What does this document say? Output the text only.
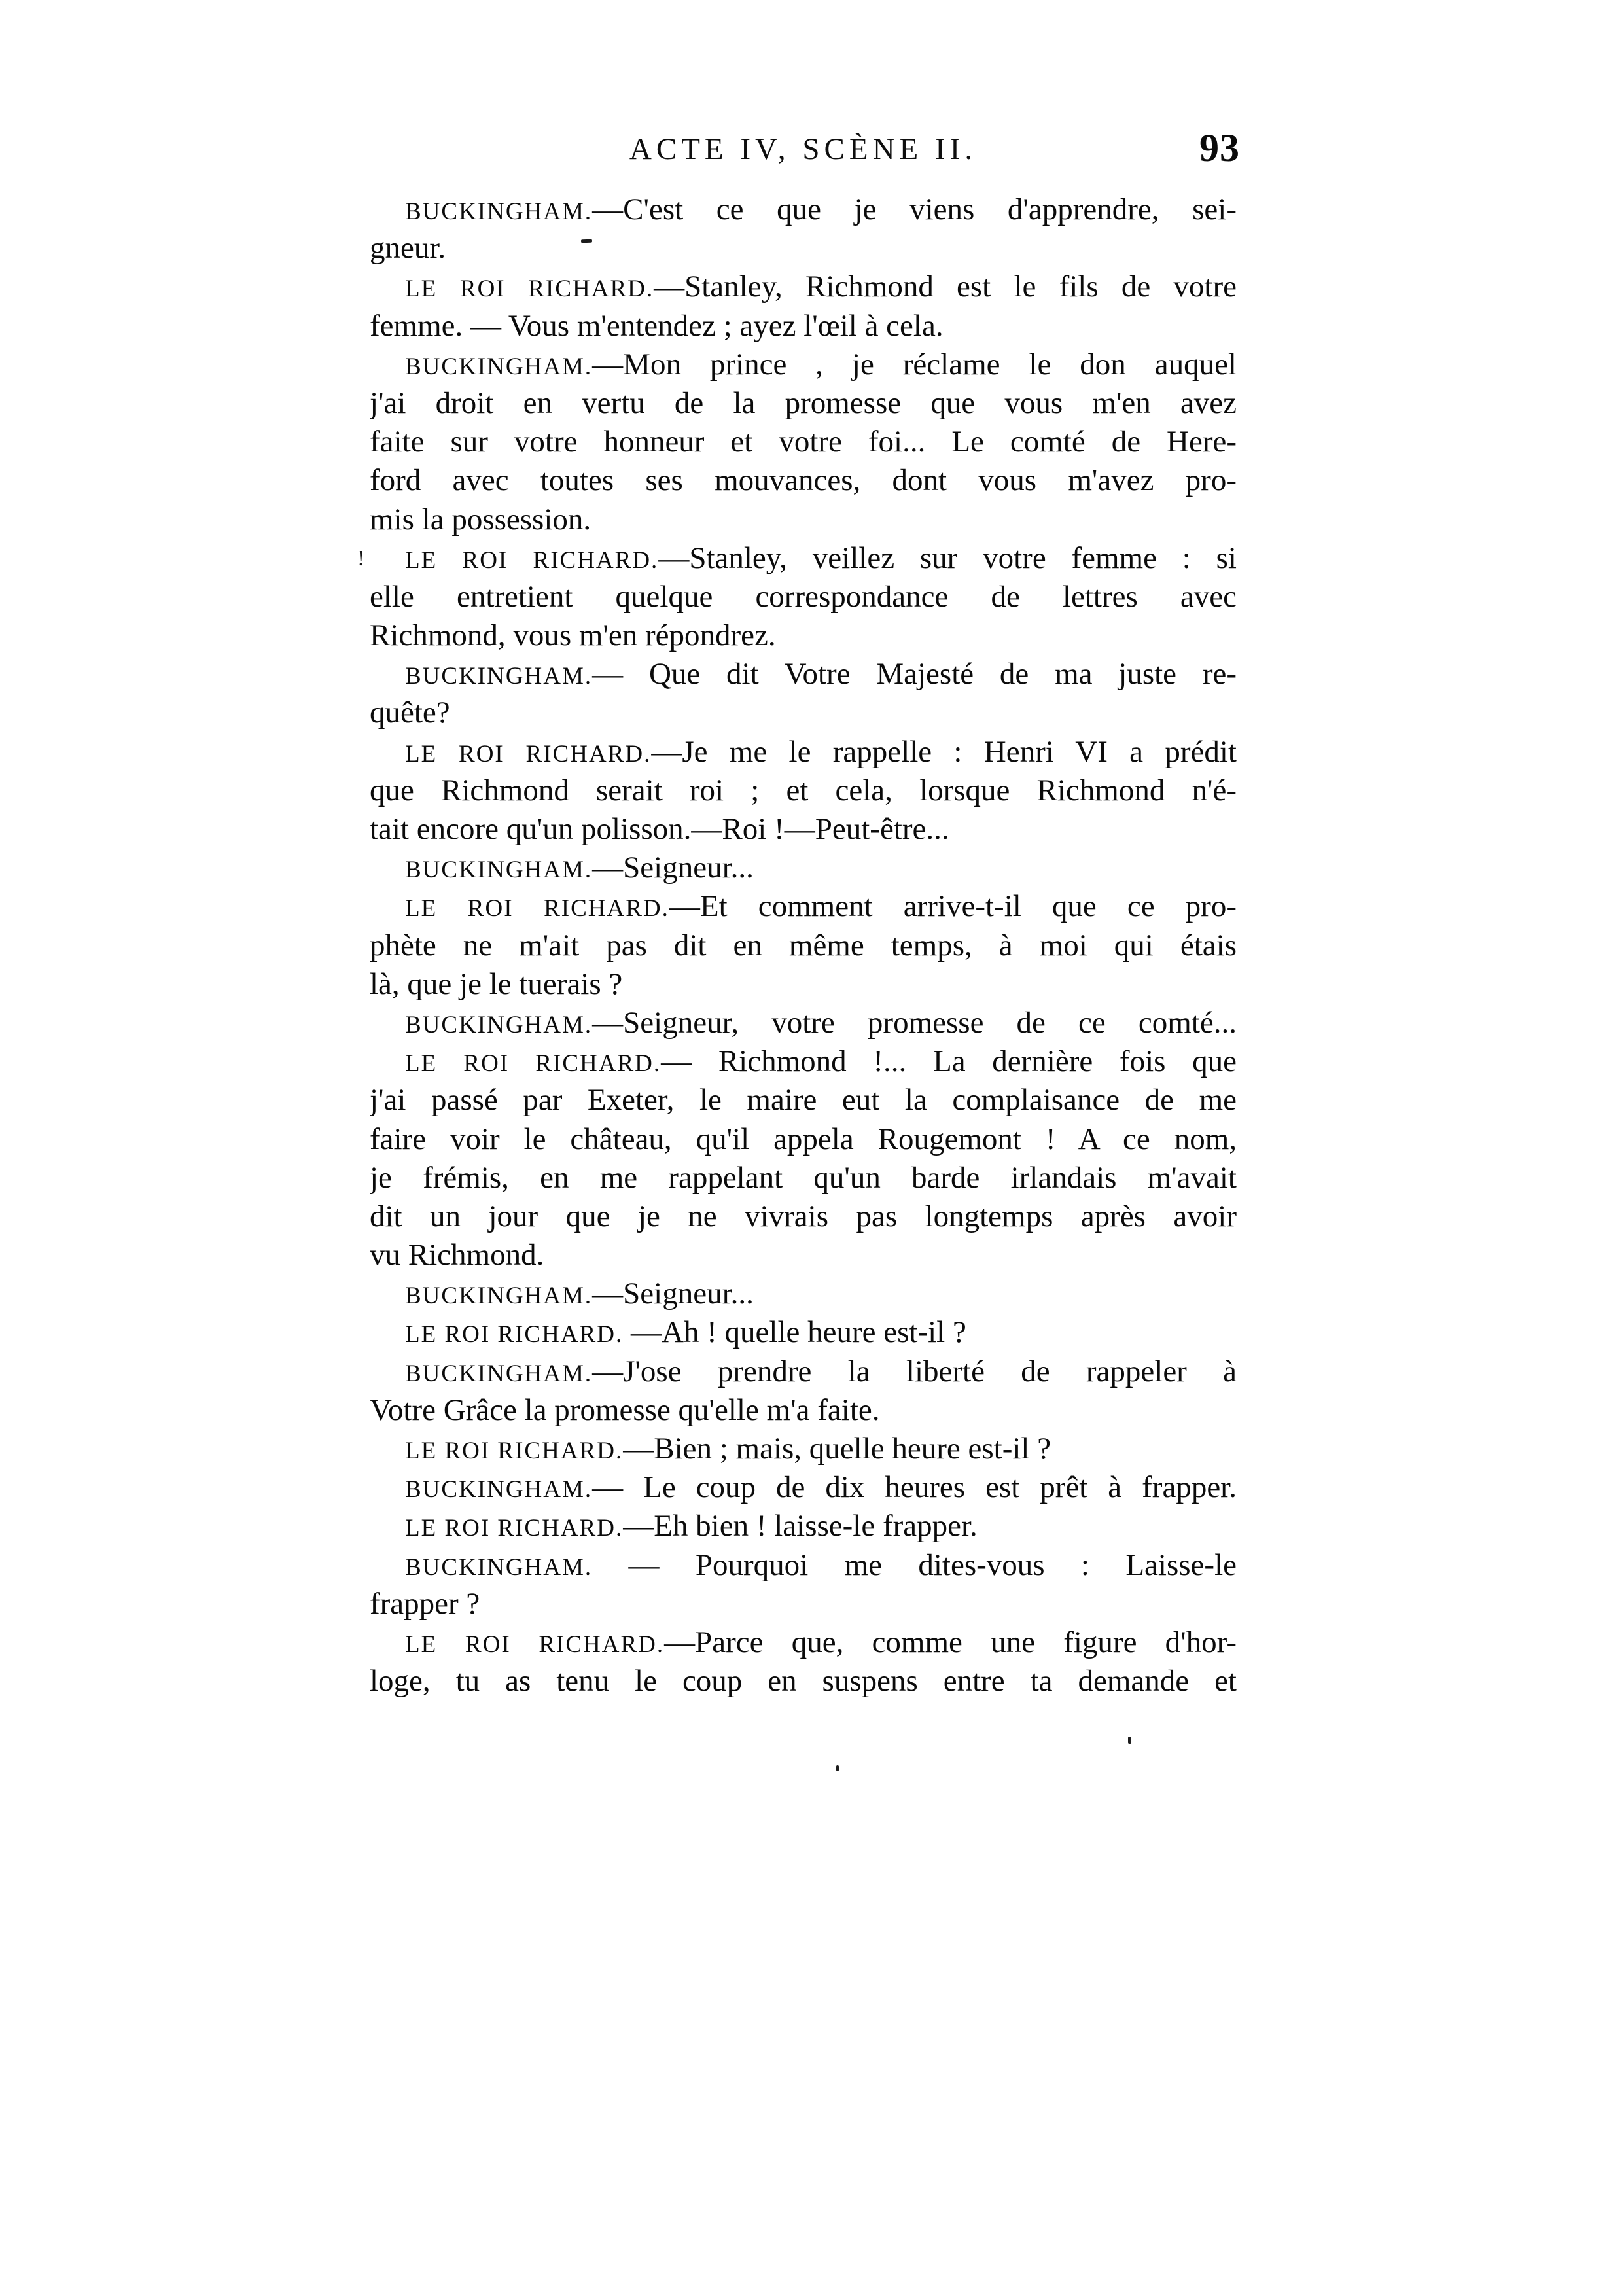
ACTE IV, SCÈNE II.	93
!
BUCKINGHAM.—C'est ce que je viens d'apprendre, sei-
gneur.
LE ROI RICHARD.—Stanley, Richmond est le fils de votre
femme. — Vous m'entendez ; ayez l'œil à cela.
BUCKINGHAM.—Mon prince , je réclame le don auquel
j'ai droit en vertu de la promesse que vous m'en avez
faite sur votre honneur et votre foi... Le comté de Here-
ford avec toutes ses mouvances, dont vous m'avez pro-
mis la possession.
LE ROI RICHARD.—Stanley, veillez sur votre femme : si
elle entretient quelque correspondance de lettres avec
Richmond, vous m'en répondrez.
BUCKINGHAM.— Que dit Votre Majesté de ma juste re-
quête?
LE ROI RICHARD.—Je me le rappelle : Henri VI a prédit
que Richmond serait roi ; et cela, lorsque Richmond n'é-
tait encore qu'un polisson.—Roi !—Peut-être...
BUCKINGHAM.—Seigneur...
LE ROI RICHARD.—Et comment arrive-t-il que ce pro-
phète ne m'ait pas dit en même temps, à moi qui étais
là, que je le tuerais ?
BUCKINGHAM.—Seigneur, votre promesse de ce comté...
LE ROI RICHARD.— Richmond !... La dernière fois que
j'ai passé par Exeter, le maire eut la complaisance de me
faire voir le château, qu'il appela Rougemont ! A ce nom,
je frémis, en me rappelant qu'un barde irlandais m'avait
dit un jour que je ne vivrais pas longtemps après avoir
vu Richmond.
BUCKINGHAM.—Seigneur...
LE ROI RICHARD. —Ah ! quelle heure est-il ?
BUCKINGHAM.—J'ose prendre la liberté de rappeler à
Votre Grâce la promesse qu'elle m'a faite.
LE ROI RICHARD.—Bien ; mais, quelle heure est-il ?
BUCKINGHAM.— Le coup de dix heures est prêt à frapper.
LE ROI RICHARD.—Eh bien ! laisse-le frapper.
BUCKINGHAM. — Pourquoi me dites-vous : Laisse-le
frapper ?
LE ROI RICHARD.—Parce que, comme une figure d'hor-
loge, tu as tenu le coup en suspens entre ta demande et
